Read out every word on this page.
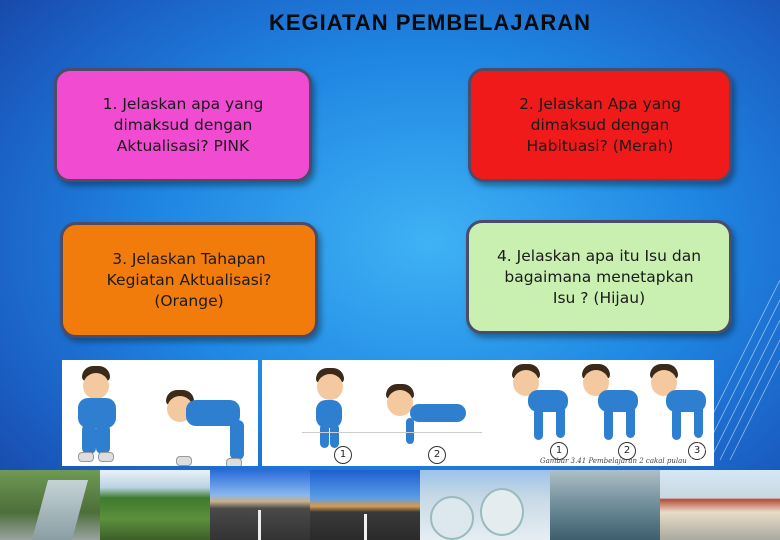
KEGIATAN PEMBELAJARAN
1. Jelaskan apa yang
dimaksud dengan
Aktualisasi? PINK
2. Jelaskan Apa yang
dimaksud dengan
Habituasi? (Merah)
3. Jelaskan Tahapan
Kegiatan Aktualisasi?
(Orange)
4. Jelaskan apa itu Isu dan
bagaimana menetapkan
Isu ? (Hijau)
1	2	1	2	3
Gambar 3.41 Pembelajaran 2 cakal pulau
